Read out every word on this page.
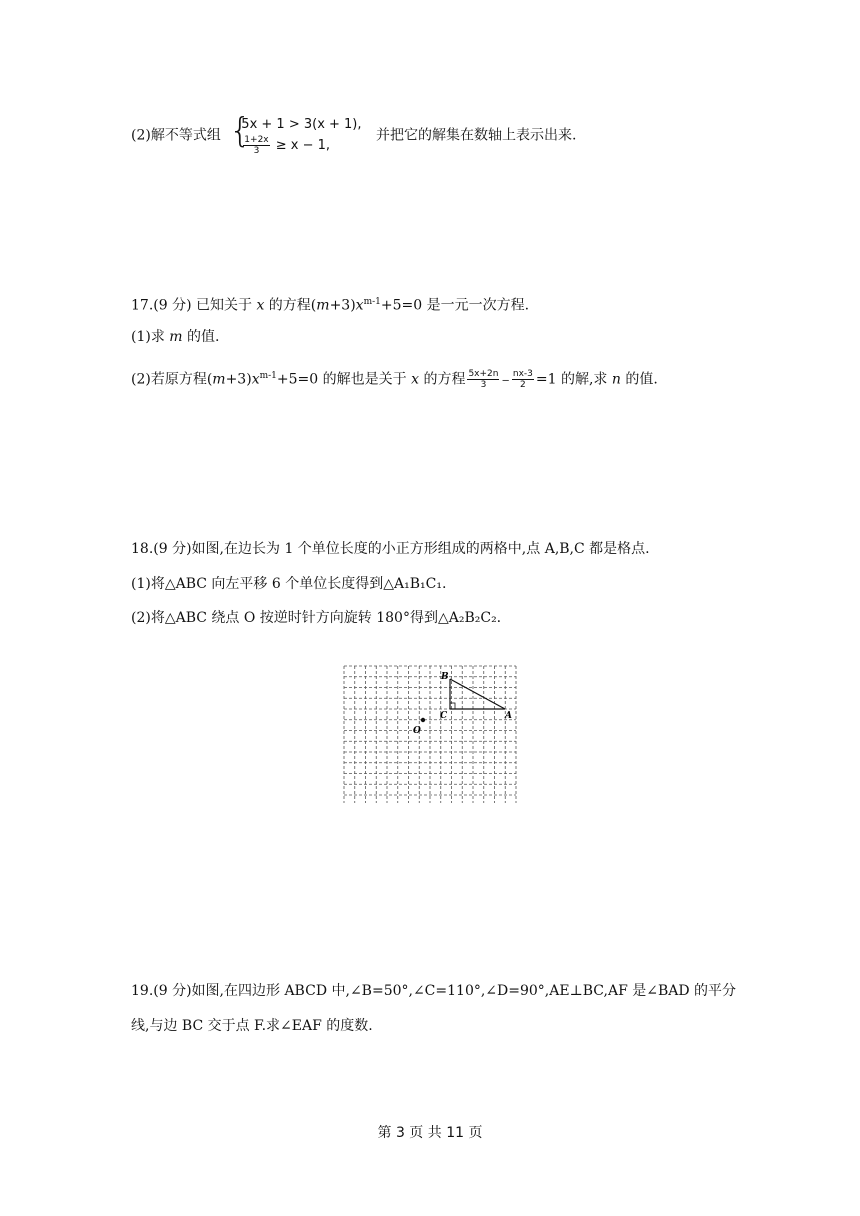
(2)解不等式组 {
5x + 1 > 3(x + 1),
$\frac{1+2x}{3} \ge x - 1$,
并把它的解集在数轴上表示出来.
17.(9 分) 已知关于 x 的方程$(m+3)x^{m-1}+5=0$ 是一元一次方程.
(1)求 m 的值.
(2)若原方程$(m+3)x^{m-1}+5=0$ 的解也是关于 x 的方程 $\frac{5x+2n}{3} - \frac{nx-3}{2} =1$ 的解,求 n 的值.
18.(9 分)如图,在边长为 1 个单位长度的小正方形组成的两格中,点 A,B,C 都是格点.
(1)将△ABC 向左平移 6 个单位长度得到△A₁B₁C₁.
(2)将△ABC 绕点 O 按逆时针方向旋转 180°得到△A₂B₂C₂.
B
C	A
O
19.(9 分)如图,在四边形 ABCD 中,∠B=50°,∠C=110°,∠D=90°,AE⊥BC,AF 是∠BAD 的平分
线,与边 BC 交于点 F.求∠EAF 的度数.
第 3 页 共 11 页
